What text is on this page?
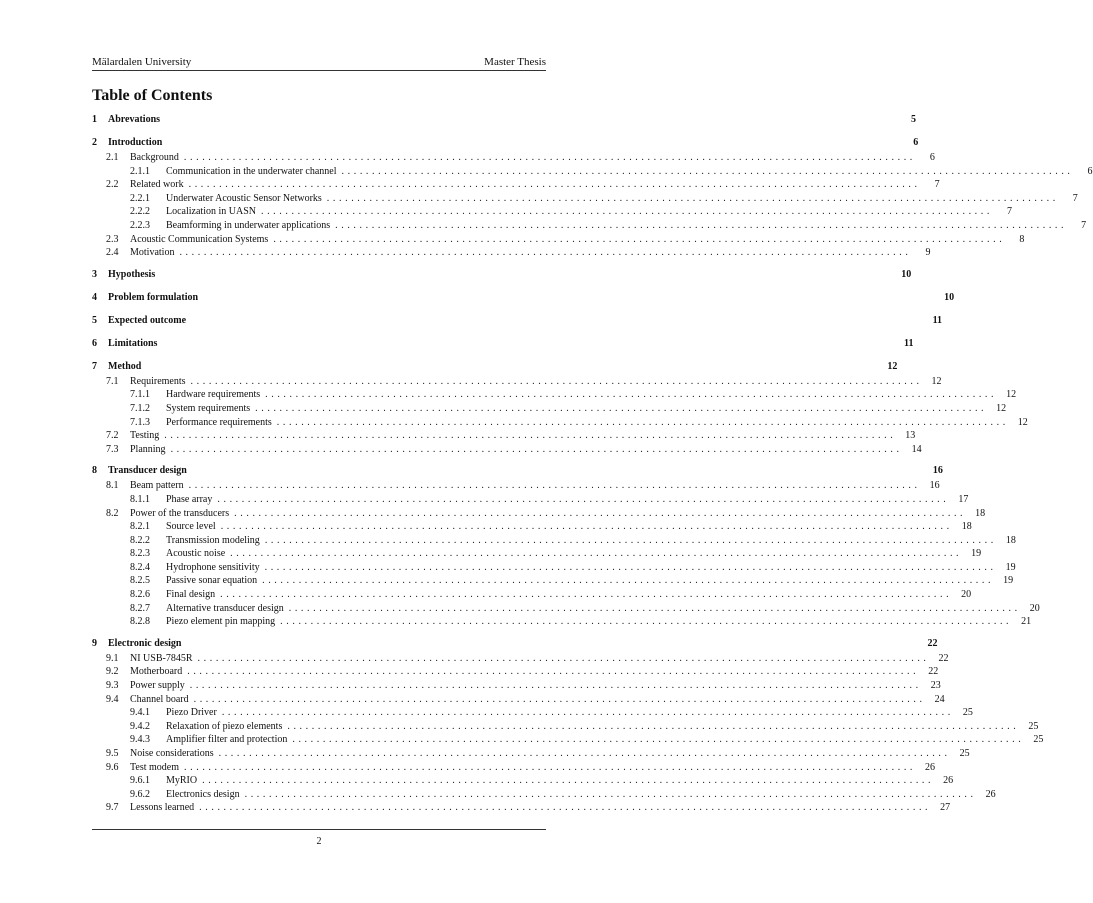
Mälardalen University	Master Thesis
Table of Contents
1	Abrevations	5
2	Introduction	6
2.1	Background ........................................................................................................................	6
2.1.1	Communication in the underwater channel ........................................................................................................................	6
2.2	Related work ........................................................................................................................	7
2.2.1	Underwater Acoustic Sensor Networks ........................................................................................................................	7
2.2.2	Localization in UASN ........................................................................................................................	7
2.2.3	Beamforming in underwater applications ........................................................................................................................	7
2.3	Acoustic Communication Systems ........................................................................................................................	8
2.4	Motivation ........................................................................................................................	9
3	Hypothesis	10
4	Problem formulation	10
5	Expected outcome	11
6	Limitations	11
7	Method	12
7.1	Requirements ........................................................................................................................ 12
7.1.1	Hardware requirements ........................................................................................................................ 12
7.1.2	System requirements ........................................................................................................................ 12
7.1.3	Performance requirements ........................................................................................................................ 12
7.2	Testing ........................................................................................................................ 13
7.3	Planning ........................................................................................................................ 14
8	Transducer design	16
8.1	Beam pattern ........................................................................................................................ 16
8.1.1	Phase array ........................................................................................................................ 17
8.2	Power of the transducers ........................................................................................................................ 18
8.2.1	Source level ........................................................................................................................ 18
8.2.2	Transmission modeling ........................................................................................................................ 18
8.2.3	Acoustic noise ........................................................................................................................ 19
8.2.4	Hydrophone sensitivity ........................................................................................................................ 19
8.2.5	Passive sonar equation ........................................................................................................................ 19
8.2.6	Final design ........................................................................................................................ 20
8.2.7	Alternative transducer design ........................................................................................................................ 20
8.2.8	Piezo element pin mapping ........................................................................................................................ 21
9	Electronic design	22
9.1	NI USB-7845R ........................................................................................................................ 22
9.2	Motherboard ........................................................................................................................ 22
9.3	Power supply ........................................................................................................................ 23
9.4	Channel board ........................................................................................................................ 24
9.4.1	Piezo Driver ........................................................................................................................ 25
9.4.2	Relaxation of piezo elements ........................................................................................................................ 25
9.4.3	Amplifier filter and protection ........................................................................................................................ 25
9.5	Noise considerations ........................................................................................................................ 25
9.6	Test modem ........................................................................................................................ 26
9.6.1	MyRIO ........................................................................................................................ 26
9.6.2	Electronics design ........................................................................................................................ 26
9.7	Lessons learned ........................................................................................................................ 27
2
